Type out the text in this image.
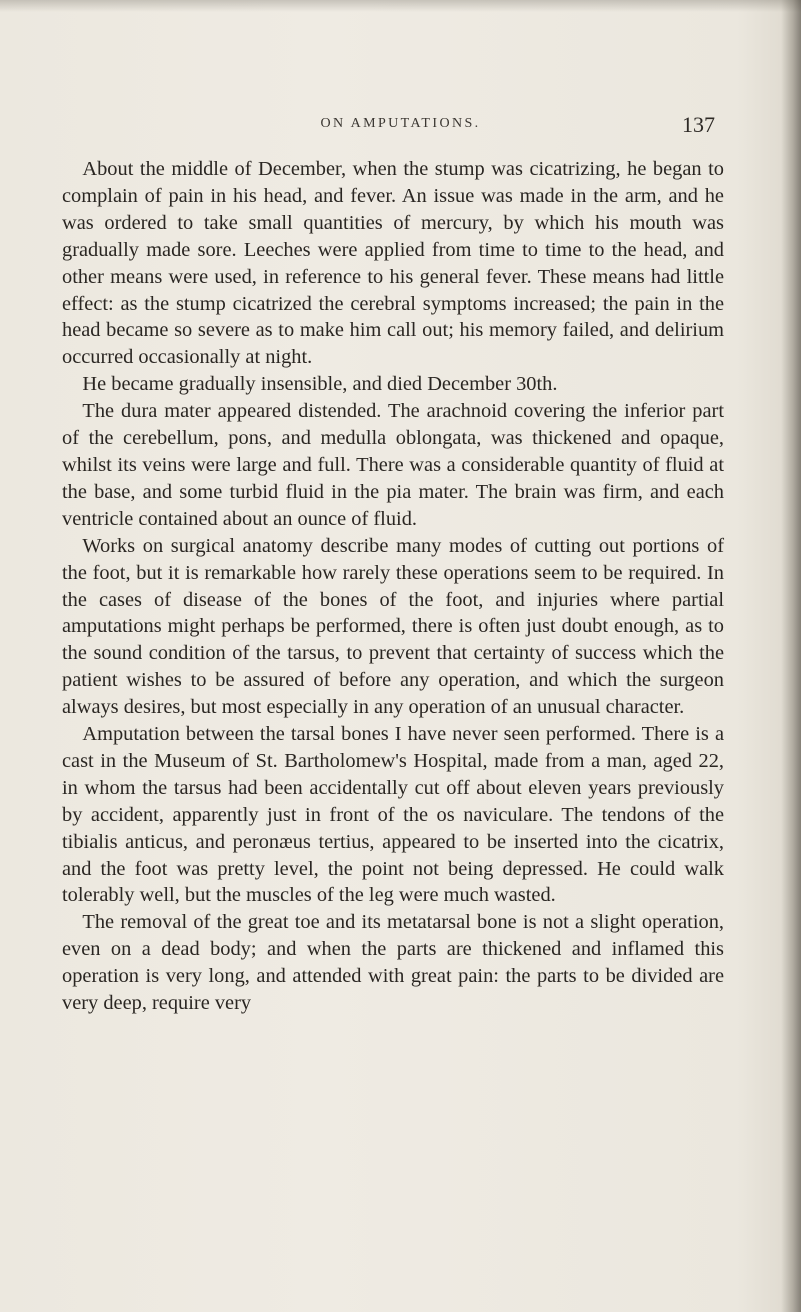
ON AMPUTATIONS.	137

About the middle of December, when the stump was cicatrizing, he began to complain of pain in his head, and fever. An issue was made in the arm, and he was ordered to take small quantities of mercury, by which his mouth was gradually made sore. Leeches were applied from time to time to the head, and other means were used, in reference to his general fever. These means had little effect: as the stump cicatrized the cerebral symptoms increased; the pain in the head became so severe as to make him call out; his memory failed, and delirium occurred occasionally at night.

He became gradually insensible, and died December 30th.

The dura mater appeared distended. The arachnoid covering the inferior part of the cerebellum, pons, and medulla oblongata, was thickened and opaque, whilst its veins were large and full. There was a considerable quantity of fluid at the base, and some turbid fluid in the pia mater. The brain was firm, and each ventricle contained about an ounce of fluid.

Works on surgical anatomy describe many modes of cutting out portions of the foot, but it is remarkable how rarely these operations seem to be required. In the cases of disease of the bones of the foot, and injuries where partial amputations might perhaps be performed, there is often just doubt enough, as to the sound condition of the tarsus, to prevent that certainty of success which the patient wishes to be assured of before any operation, and which the surgeon always desires, but most especially in any operation of an unusual character.

Amputation between the tarsal bones I have never seen performed. There is a cast in the Museum of St. Bartholomew's Hospital, made from a man, aged 22, in whom the tarsus had been accidentally cut off about eleven years previously by accident, apparently just in front of the os naviculare. The tendons of the tibialis anticus, and peronæus tertius, appeared to be inserted into the cicatrix, and the foot was pretty level, the point not being depressed. He could walk tolerably well, but the muscles of the leg were much wasted.

The removal of the great toe and its metatarsal bone is not a slight operation, even on a dead body; and when the parts are thickened and inflamed this operation is very long, and attended with great pain: the parts to be divided are very deep, require very
